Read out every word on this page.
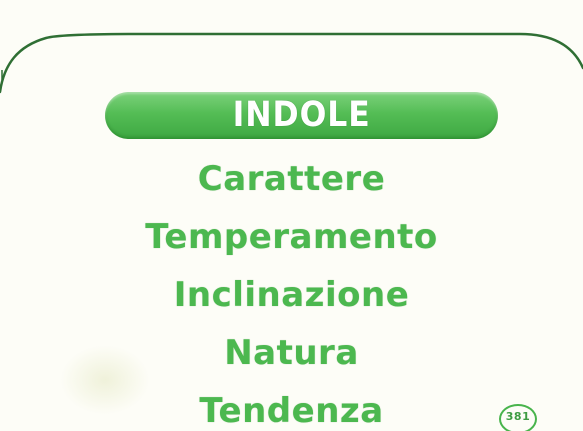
INDOLE
Carattere
Temperamento
Inclinazione
Natura
Tendenza	381
